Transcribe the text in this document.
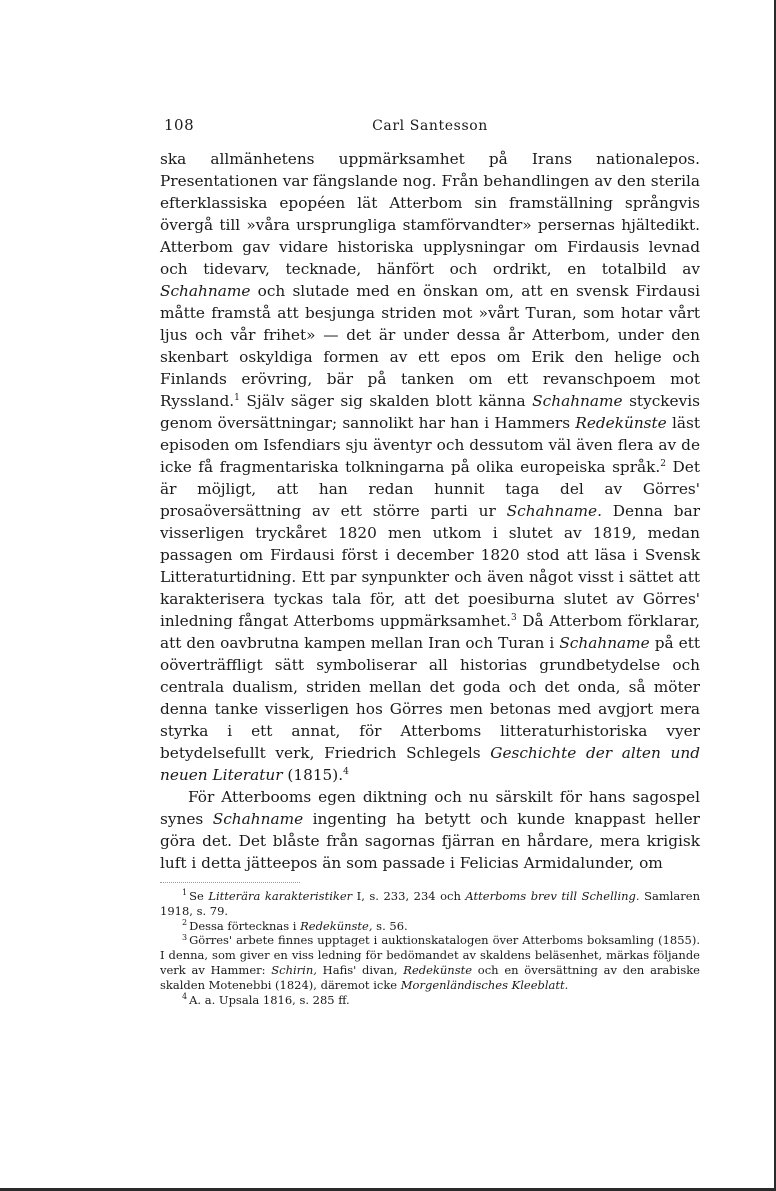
108	Carl Santesson

ska allmänhetens uppmärksamhet på Irans nationalepos. Presentationen var fängslande nog. Från behandlingen av den sterila efterklassiska epopéen lät Atterbom sin framställning språngvis övergå till »våra ursprungliga stamförvandter» persernas hjältedikt. Atterbom gav vidare historiska upplysningar om Firdausis levnad och tidevarv, tecknade, hänfört och ordrikt, en totalbild av Schahname och slutade med en önskan om, att en svensk Firdausi måtte framstå att besjunga striden mot »vårt Turan, som hotar vårt ljus och vår frihet» — det är under dessa år Atterbom, under den skenbart oskyldiga formen av ett epos om Erik den helige och Finlands erövring, bär på tanken om ett revanschpoem mot Ryssland.$^1$ Själv säger sig skalden blott känna Schahname styckevis genom översättningar; sannolikt har han i Hammers Redekünste läst episoden om Isfendiars sju äventyr och dessutom väl även flera av de icke få fragmentariska tolkningarna på olika europeiska språk.$^2$ Det är möjligt, att han redan hunnit taga del av Görres' prosaöversättning av ett större parti ur Schahname. Denna bar visserligen tryckåret 1820 men utkom i slutet av 1819, medan passagen om Firdausi först i december 1820 stod att läsa i Svensk Litteraturtidning. Ett par synpunkter och även något visst i sättet att karakterisera tyckas tala för, att det poesiburna slutet av Görres' inledning fångat Atterboms uppmärksamhet.$^3$ Då Atterbom förklarar, att den oavbrutna kampen mellan Iran och Turan i Schahname på ett oöverträffligt sätt symboliserar all historias grundbetydelse och centrala dualism, striden mellan det goda och det onda, så möter denna tanke visserligen hos Görres men betonas med avgjort mera styrka i ett annat, för Atterboms litteraturhistoriska vyer betydelsefullt verk, Friedrich Schlegels Geschichte der alten und neuen Literatur (1815).$^4$

För Atterbooms egen diktning och nu särskilt för hans sagospel synes Schahname ingenting ha betytt och kunde knappast heller göra det. Det blåste från sagornas fjärran en hårdare, mera krigisk luft i detta jätteepos än som passade i Felicias Armidalunder, om

$^1$ Se Litterära karakteristiker I, s. 233, 234 och Atterboms brev till Schelling. Samlaren 1918, s. 79.

$^2$ Dessa förtecknas i Redekünste, s. 56.

$^3$ Görres' arbete finnes upptaget i auktionskatalogen över Atterboms boksamling (1855). I denna, som giver en viss ledning för bedömandet av skaldens beläsenhet, märkas följande verk av Hammer: Schirin, Hafis' divan, Redekünste och en översättning av den arabiske skalden Motenebbi (1824), däremot icke Morgenländisches Kleeblatt.

$^4$ A. a. Upsala 1816, s. 285 ff.
